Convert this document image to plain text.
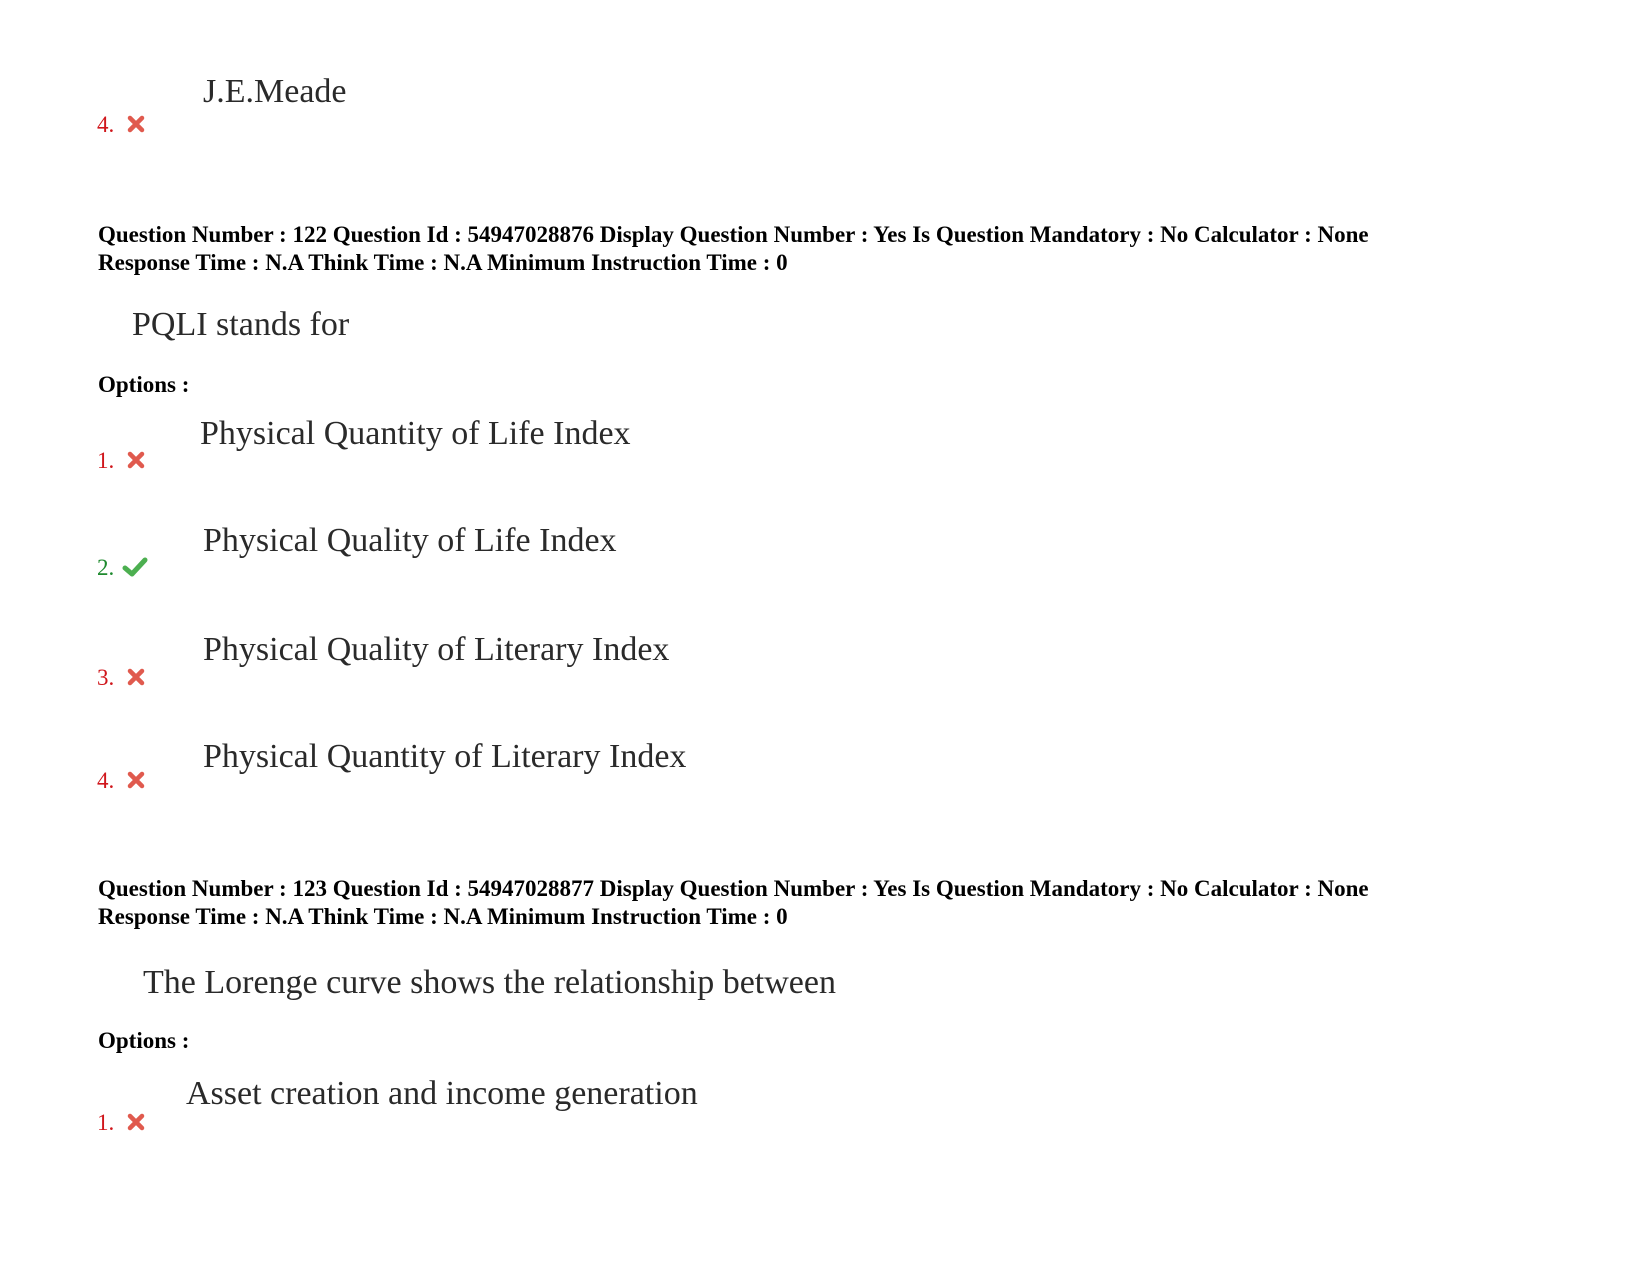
4.
J.E.Meade
Question Number : 122 Question Id : 54947028876 Display Question Number : Yes Is Question Mandatory : No Calculator : None
Response Time : N.A Think Time : N.A Minimum Instruction Time : 0
PQLI stands for
Options :
1.
Physical Quantity of Life Index
2.
Physical Quality of Life Index
3.
Physical Quality of Literary Index
4.
Physical Quantity of Literary Index
Question Number : 123 Question Id : 54947028877 Display Question Number : Yes Is Question Mandatory : No Calculator : None
Response Time : N.A Think Time : N.A Minimum Instruction Time : 0
The Lorenge curve shows the relationship between
Options :
1.
Asset creation and income generation
